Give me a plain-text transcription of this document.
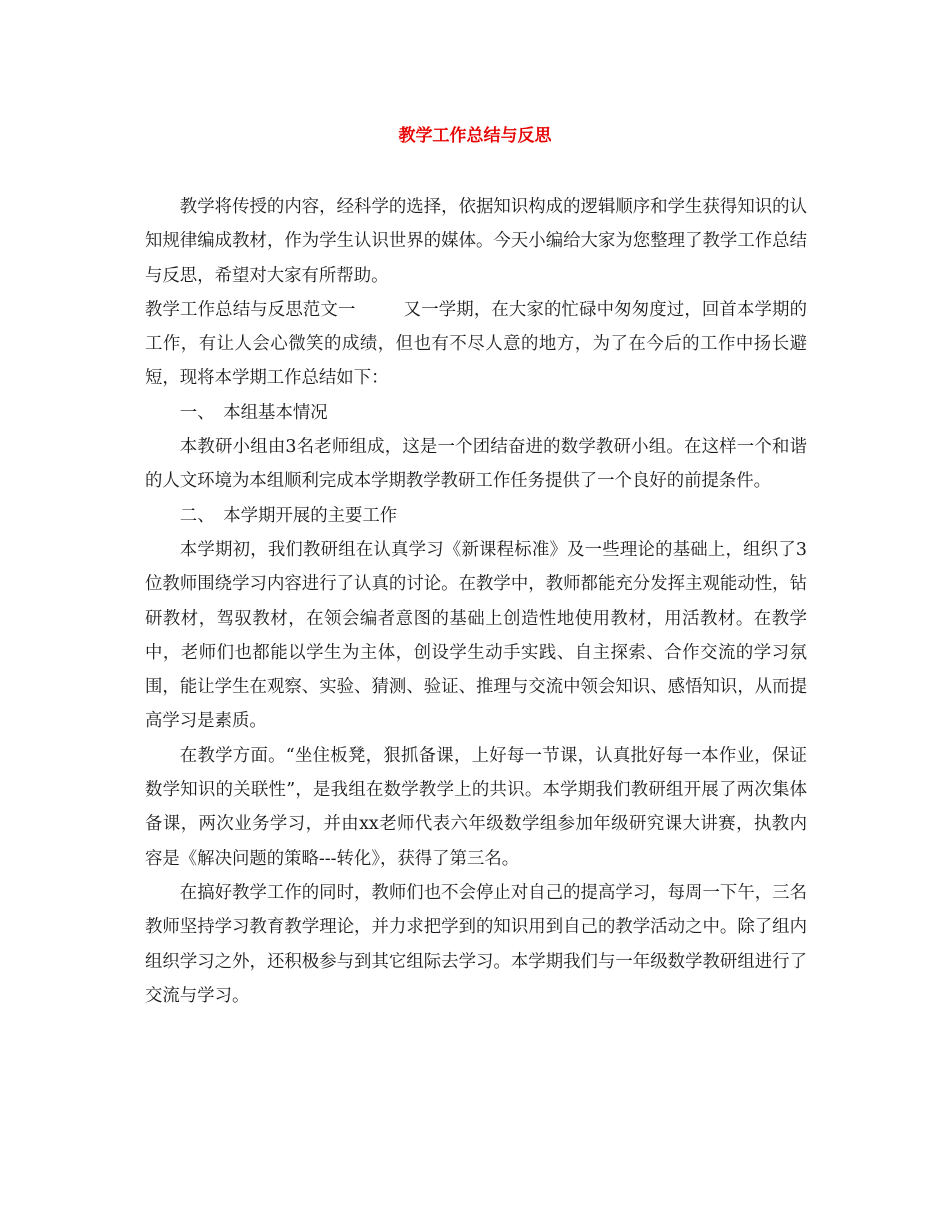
教学工作总结与反思

教学将传授的内容，经科学的选择，依据知识构成的逻辑顺序和学生获得知识的认知规律编成教材，作为学生认识世界的媒体。今天小编给大家为您整理了教学工作总结与反思，希望对大家有所帮助。

教学工作总结与反思范文一	又一学期，在大家的忙碌中匆匆度过，回首本学期的工作，有让人会心微笑的成绩，但也有不尽人意的地方，为了在今后的工作中扬长避短，现将本学期工作总结如下：

一、　本组基本情况

本教研小组由3名老师组成，这是一个团结奋进的数学教研小组。在这样一个和谐的人文环境为本组顺利完成本学期教学教研工作任务提供了一个良好的前提条件。

二、　本学期开展的主要工作

本学期初，我们教研组在认真学习《新课程标准》及一些理论的基础上，组织了3位教师围绕学习内容进行了认真的讨论。在教学中，教师都能充分发挥主观能动性，钻研教材，驾驭教材，在领会编者意图的基础上创造性地使用教材，用活教材。在教学中，老师们也都能以学生为主体，创设学生动手实践、自主探索、合作交流的学习氛围，能让学生在观察、实验、猜测、验证、推理与交流中领会知识、感悟知识，从而提高学习是素质。

在教学方面。“坐住板凳，狠抓备课，上好每一节课，认真批好每一本作业，保证数学知识的关联性”，是我组在数学教学上的共识。本学期我们教研组开展了两次集体备课，两次业务学习，并由xx老师代表六年级数学组参加年级研究课大讲赛，执教内容是《解决问题的策略---转化》，获得了第三名。

在搞好教学工作的同时，教师们也不会停止对自己的提高学习，每周一下午，三名教师坚持学习教育教学理论，并力求把学到的知识用到自己的教学活动之中。除了组内组织学习之外，还积极参与到其它组际去学习。本学期我们与一年级数学教研组进行了交流与学习。
